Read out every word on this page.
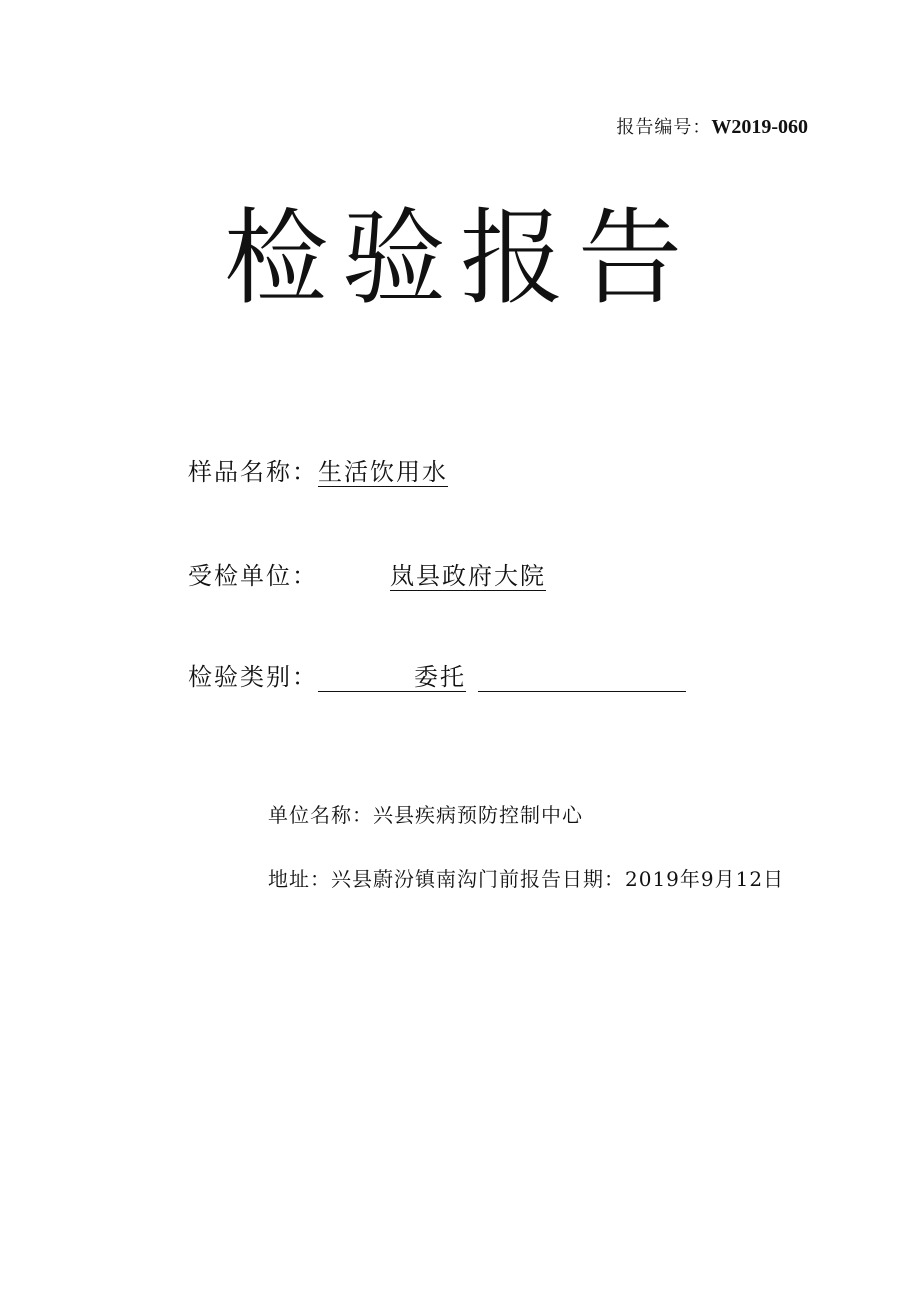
报告编号：W2019-060
检验报告
样品名称：生活饮用水
受检单位：	岚县政府大院
检验类别：	委托
单位名称：兴县疾病预防控制中心
地址：兴县蔚汾镇南沟门前报告日期：2019年9月12日
